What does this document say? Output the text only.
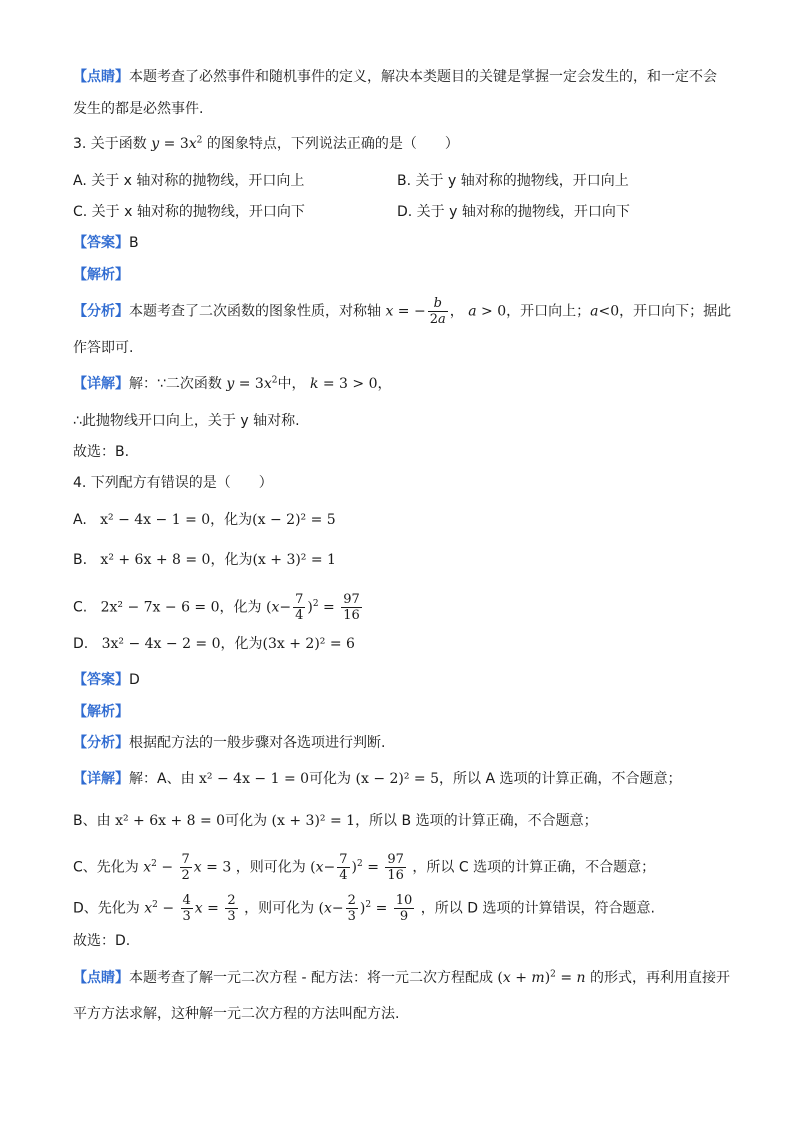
【点睛】本题考查了必然事件和随机事件的定义，解决本类题目的关键是掌握一定会发生的，和一定不会
发生的都是必然事件.
3. 关于函数 $y = 3x^2$ 的图象特点，下列说法正确的是（　　）
A. 关于 x 轴对称的抛物线，开口向上	B. 关于 y 轴对称的抛物线，开口向上
C. 关于 x 轴对称的抛物线，开口向下	D. 关于 y 轴对称的抛物线，开口向下
【答案】B
【解析】
【分析】本题考查了二次函数的图象性质，对称轴 x = − $\frac{b}{2a}$ ， a > 0，开口向上；a<0，开口向下；据此
作答即可.
【详解】解：∵二次函数 $y = 3x^2$中， k = 3 > 0，
∴此抛物线开口向上，关于 y 轴对称.
故选：B.
4. 下列配方有错误的是（　　）
A. x² − 4x − 1 = 0，化为(x − 2)² = 5
B. x² + 6x + 8 = 0，化为(x + 3)² = 1
C. 2x² − 7x − 6 = 0，化为 $(x- \frac{7}{4} )^2 = \frac{97}{16}$
D. 3x² − 4x − 2 = 0，化为(3x + 2)² = 6
【答案】D
【解析】
【分析】根据配方法的一般步骤对各选项进行判断.
【详解】解：A、由 x² − 4x − 1 = 0可化为 (x − 2)² = 5，所以 A 选项的计算正确，不合题意；
B、由 x² + 6x + 8 = 0可化为 (x + 3)² = 1，所以 B 选项的计算正确，不合题意；
C、先化为 $x^2 - \frac{7}{2}$ x = 3 ，则可化为 $(x- \frac{7}{4} )^2 = \frac{97}{16}$ ，所以 C 选项的计算正确，不合题意；
D、先化为 $x^2 - \frac{4}{3}$ $x = \frac{2}{3}$ ，则可化为 $(x- \frac{2}{3} )^2 = \frac{10}{9}$ ，所以 D 选项的计算错误，符合题意.
故选：D.
【点睛】本题考查了解一元二次方程 - 配方法：将一元二次方程配成 $(x + m)^2 = n$ 的形式，再利用直接开
平方方法求解，这种解一元二次方程的方法叫配方法.
